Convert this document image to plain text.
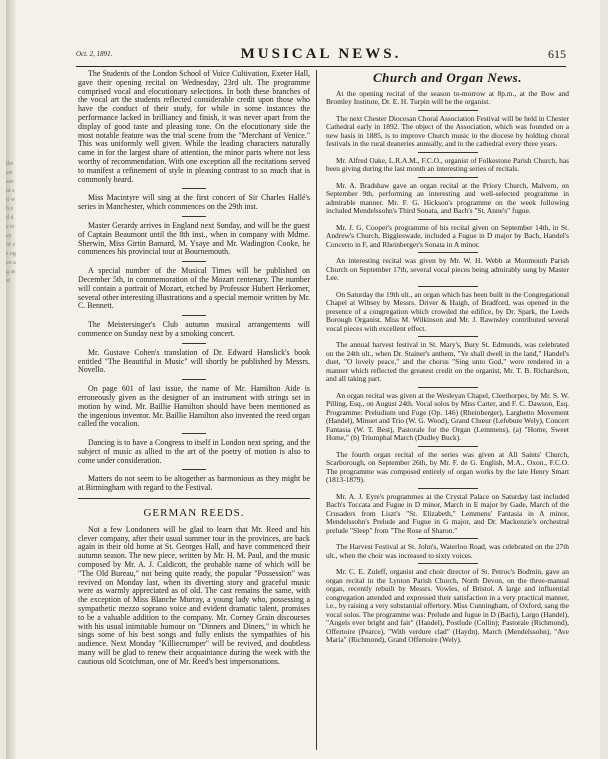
the ser ase nt sti wh ed de rs ay of es ng en ag as st
Oct. 2, 1891.	MUSICAL NEWS.	615

The Students of the London School of Voice Cultivation, Exeter Hall, gave their opening recital on Wednesday, 23rd ult. The programme comprised vocal and elocutionary selections. In both these branches of the vocal art the students reflected considerable credit upon those who have the conduct of their study, for while in some instances the performance lacked in brilliancy and finish, it was never apart from the display of good taste and pleasing tone. On the elocutionary side the most notable feature was the trial scene from the "Merchant of Venice." This was uniformly well given. While the leading characters naturally came in for the largest share of attention, the minor parts where not less worthy of recommendation. With one exception all the recitations served to manifest a refinement of style in pleasing contrast to so much that is commonly heard.

Miss Macintyre will sing at the first concert of Sir Charles Hallé's series in Manchester, which commences on the 29th inst.

Master Gerardy arrives in England next Sunday, and will be the guest of Captain Beaumont until the 8th inst., when in company with Mdme. Sherwin, Miss Girtin Barnard, M. Ysaye and Mr. Wadington Cooke, he commences his provincial tour at Bournemouth.

A special number of the Musical Times will be published on December 5th, in commemoration of the Mozart centenary. The number will contain a portrait of Mozart, etched by Professor Hubert Herkomer, several other interesting illustrations and a special memoir written by Mr. C. Bennett.

The Meistersinger's Club autumn musical arrangements will commence on Sunday next by a smoking concert.

Mr. Gustave Cohen's translation of Dr. Edward Hanslick's book entitled "The Beautiful in Music" will shortly be published by Messrs. Novello.

On page 601 of last issue, the name of Mr. Hamilton Aide is erroneously given as the designer of an instrument with strings set in motion by wind. Mr. Baillie Hamilton should have been mentioned as the ingenious inventor. Mr. Baillie Hamilton also invented the reed organ called the vocalion.

Dancing is to have a Congress to itself in London next spring, and the subject of music as allied to the art of the poetry of motion is also to come under consideration.

Matters do not seem to be altogether as harmonious as they might be at Birmingham with regard to the Festival.

GERMAN REEDS.

Not a few Londoners will be glad to learn that Mr. Reed and his clever company, after their usual summer tour in the provinces, are back again in their old home at St. Georges Hall, and have commenced their autumn season. The new piece, written by Mr. H. M. Paul, and the music composed by Mr. A. J. Caldicott, the probable name of which will be "The Old Bureau," not being quite ready, the popular "Possession" was revived on Monday last, when its diverting story and graceful music were as warmly appreciated as of old. The cast remains the same, with the exception of Miss Blanche Murray, a young lady who, possessing a sympathetic mezzo soprano voice and evident dramatic talent, promises to be a valuable addition to the company. Mr. Corney Grain discourses with his usual inimitable humour on "Dinners and Diners," in which he sings some of his best songs and fully enlists the sympathies of his audience. Next Monday "Killiecrumper" will be revived, and doubtless many will be glad to renew their acquaintance during the week with the cautious old Scotchman, one of Mr. Reed's best impersonations.

Church and Organ News.

At the opening recital of the season to-morrow at 8p.m., at the Bow and Bromley Institute, Dr. E. H. Turpin will be the organist.

The next Chester Diocesan Choral Association Festival will be held in Chester Cathedral early in 1892. The object of the Association, which was founded on a new basis in 1885, is to improve Church music in the diocese by holding choral festivals in the rural deaneries annually, and in the cathedral every three years.

Mr. Alfred Oake, L.R.A.M., F.C.O., organist of Folkestone Parish Church, has been giving during the last month an interesting series of recitals.

Mr. A. Bradshaw gave an organ recital at the Priory Church, Malvern, on September 9th, performing an interesting and well-selected programme in admirable manner. Mr. F. G. Hickson's programme on the week following included Mendelssohn's Third Sonata, and Bach's "St. Anne's" fugue.

Mr. J. G. Cooper's programme of his recital given on September 14th, in St. Andrew's Church, Biggleswade, included a Fugue in D major by Bach, Handel's Concerto in F, and Rheinberger's Sonata in A minor.

An interesting recital was given by Mr. W. H. Webb at Monmouth Parish Church on September 17th, several vocal pieces being admirably sung by Master Lee.

On Saturday the 19th ult., an organ which has been built in the Congregational Chapel at Wibsey by Messrs. Driver & Haigh, of Bradford, was opened in the presence of a congregation which crowded the edifice, by Dr. Spark, the Leeds Borough Organist. Miss M. Wilkinson and Mr. J. Rawnsley contributed several vocal pieces with excellent effect.

The annual harvest festival in St. Mary's, Bury St. Edmunds, was celebrated on the 24th ult., when Dr. Stainer's anthem, "Ye shall dwell in the land," Handel's duet, "O lovely peace," and the chorus "Sing unto God," were rendered in a manner which reflected the greatest credit on the organist, Mr. T. B. Richardson, and all taking part.

An organ recital was given at the Wesleyan Chapel, Cleethorpes, by Mr. S. W. Pilling, Esq., on August 24th. Vocal solos by Miss Carter, and F. C. Dawson, Esq. Programme: Preludium und Fuge (Op. 146) (Rheinberger), Larghetto Movement (Handel), Minuet and Trio (W. G. Wood), Grand Chœur (Lefebure Wely), Concert Fantasia (W. T. Best), Pastorale for the Organ (Lemmens), (a) "Home, Sweet Home," (b) Triumphal March (Dudley Buck).

The fourth organ recital of the series was given at All Saints' Church, Scarborough, on September 26th, by Mr. F. de G. English, M.A., Oxon., F.C.O. The programme was composed entirely of organ works by the late Henry Smart (1813-1879).

Mr. A. J. Eyre's programmes at the Crystal Palace on Saturday last included Bach's Toccata and Fugue in D minor, March in E major by Gade, March of the Crusaders from Liszt's "St. Elizabeth," Lemmens' Fantasia in A minor, Mendelssohn's Prelude and Fugue in G major, and Dr. Mackenzie's orchestral prelude "Sleep" from "The Rose of Sharon."

The Harvest Festival at St. John's, Waterloo Road, was celebrated on the 27th ult., when the choir was increased to sixty voices.

Mr. C. E. Zuleff, organist and choir director of St. Petroc's Bodmin, gave an organ recital in the Lynton Parish Church, North Devon, on the three-manual organ, recently rebuilt by Messrs. Vowles, of Bristol. A large and influential congregation attended and expressed their satisfaction in a very practical manner, i.e., by raising a very substantial offertory. Miss Cunningham, of Oxford, sang the vocal solos. The programme was: Prelude and fugue in D (Bach), Largo (Handel), "Angels ever bright and fair" (Handel), Postlude (Collin); Pastorale (Richmond), Offertoire (Pearce), "With verdure clad" (Haydn), March (Mendelssohn), "Ave Maria" (Richmond), Grand Offertoire (Wely).
